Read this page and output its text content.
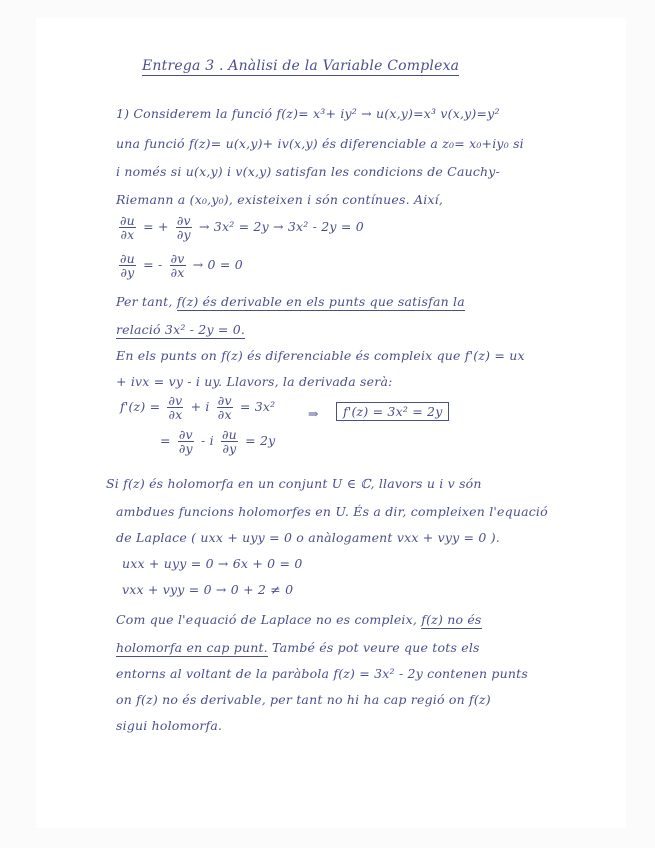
Entrega 3 . Anàlisi de la Variable Complexa
1) Considerem la funció f(z)= x³+ iy² → u(x,y)=x³ v(x,y)=y²
una funció f(z)= u(x,y)+ iv(x,y) és diferenciable a z₀= x₀+iy₀ si
i només si u(x,y) i v(x,y) satisfan les condicions de Cauchy-
Riemann a (x₀,y₀), existeixen i són contínues. Així,
$\frac{\partial u}{\partial x}$ = + $\frac{\partial v}{\partial y} \to 3x^2 = 2y \to 3x^2 - 2y = 0$
$\frac{\partial u}{\partial y}$ = - $\frac{\partial v}{\partial x} \to 0 = 0$
Per tant, f(z) és derivable en els punts que satisfan la
relació 3x² - 2y = 0.
En els punts on f(z) és diferenciable és compleix que f'(z) = ux
+ ivx = vy - i uy. Llavors, la derivada serà:
$f'(z) = \frac{\partial v}{\partial x} + i \frac{\partial v}{\partial x} = 3x^2$	⇒	f'(z) = 3x² = 2y
= $\frac{\partial v}{\partial y} - i \frac{\partial u}{\partial y} = 2y$
Si f(z) és holomorfa en un conjunt U ∈ ℂ, llavors u i v són
ambdues funcions holomorfes en U. És a dir, compleixen l'equació
de Laplace ( uxx + uyy = 0 o anàlogament vxx + vyy = 0 ).
uxx + uyy = 0 → 6x + 0 = 0
vxx + vyy = 0 → 0 + 2 ≠ 0
Com que l'equació de Laplace no es compleix, f(z) no és
holomorfa en cap punt. També és pot veure que tots els
entorns al voltant de la paràbola f(z) = 3x² - 2y contenen punts
on f(z) no és derivable, per tant no hi ha cap regió on f(z)
sigui holomorfa.
